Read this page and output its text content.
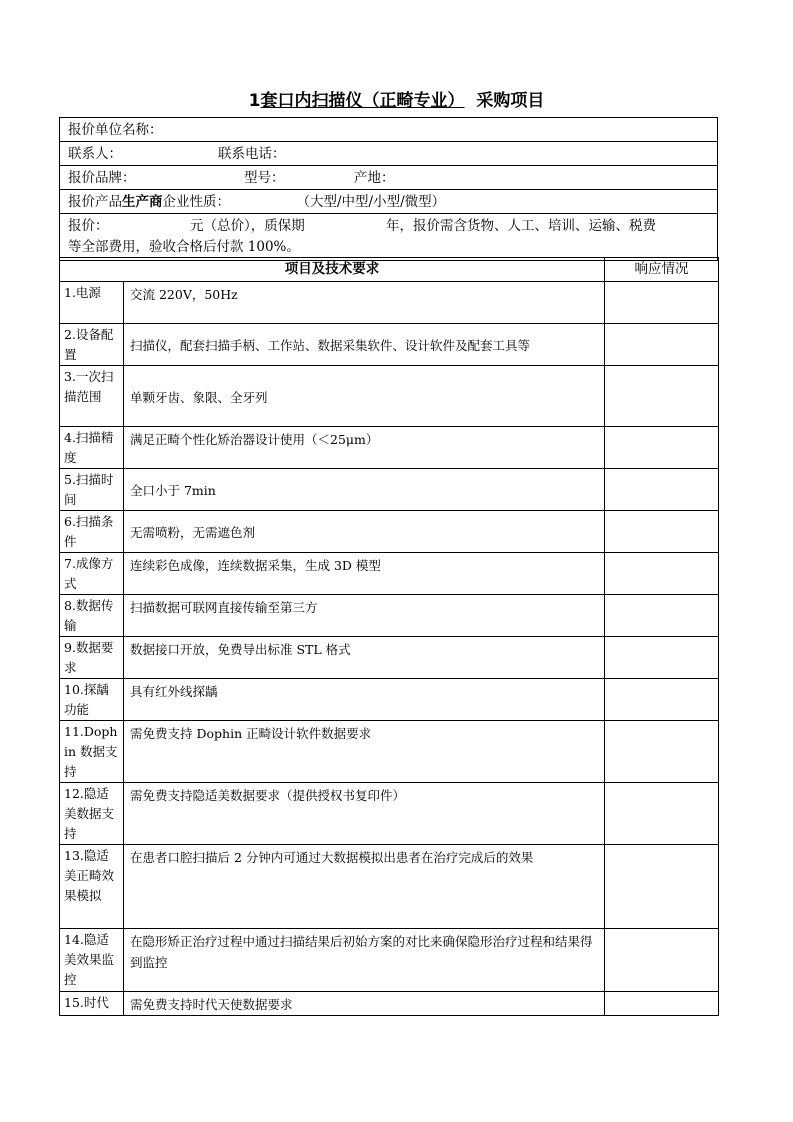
1套口内扫描仪（正畸专业） 采购项目
报价单位名称：
联系人：	联系电话：
报价品牌：	型号：	产地：
报价产品生产商企业性质：	（大型/中型/小型/微型）
报价：	元（总价），质保期	年，报价需含货物、人工、培训、运输、税费
等全部费用，验收合格后付款 100%。
项目及技术要求		响应情况
1.电源	交流 220V，50Hz	
2.设备配置	扫描仪，配套扫描手柄、工作站、数据采集软件、设计软件及配套工具等	
3.一次扫描范围	单颗牙齿、象限、全牙列	
4.扫描精度	满足正畸个性化矫治器设计使用（＜25μm）	
5.扫描时间	全口小于 7min	
6.扫描条件	无需喷粉，无需遮色剂	
7.成像方式	连续彩色成像，连续数据采集，生成 3D 模型	
8.数据传输	扫描数据可联网直接传输至第三方	
9.数据要求	数据接口开放，免费导出标准 STL 格式	
10.探龋功能	具有红外线探龋	
11.Dophin 数据支持	需免费支持 Dophin 正畸设计软件数据要求	
12.隐适美数据支持	需免费支持隐适美数据要求（提供授权书复印件）	
13.隐适美正畸效果模拟	在患者口腔扫描后 2 分钟内可通过大数据模拟出患者在治疗完成后的效果	
14.隐适美效果监控	在隐形矫正治疗过程中通过扫描结果后初始方案的对比来确保隐形治疗过程和结果得到监控	
15.时代	需免费支持时代天使数据要求	
